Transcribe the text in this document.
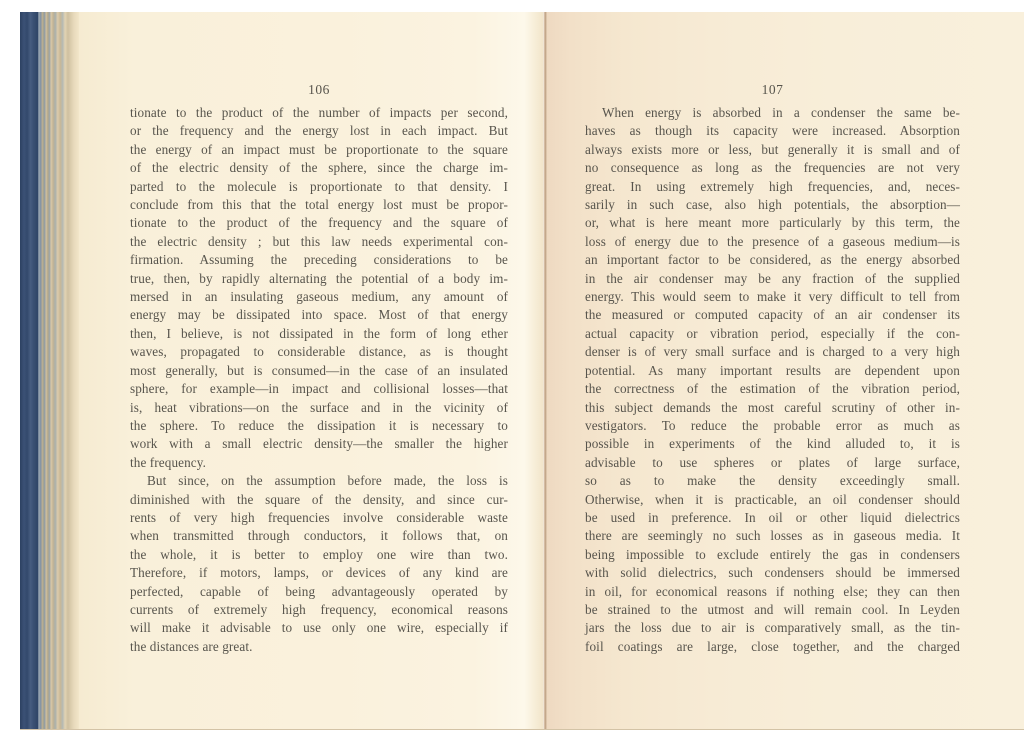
106
tionate to the product of the number of impacts per second,
or the frequency and the energy lost in each impact. But
the energy of an impact must be proportionate to the square
of the electric density of the sphere, since the charge im-
parted to the molecule is proportionate to that density. I
conclude from this that the total energy lost must be propor-
tionate to the product of the frequency and the square of
the electric density ; but this law needs experimental con-
firmation. Assuming the preceding considerations to be
true, then, by rapidly alternating the potential of a body im-
mersed in an insulating gaseous medium, any amount of
energy may be dissipated into space. Most of that energy
then, I believe, is not dissipated in the form of long ether
waves, propagated to considerable distance, as is thought
most generally, but is consumed—in the case of an insulated
sphere, for example—in impact and collisional losses—that
is, heat vibrations—on the surface and in the vicinity of
the sphere. To reduce the dissipation it is necessary to
work with a small electric density—the smaller the higher
the frequency.
But since, on the assumption before made, the loss is
diminished with the square of the density, and since cur-
rents of very high frequencies involve considerable waste
when transmitted through conductors, it follows that, on
the whole, it is better to employ one wire than two.
Therefore, if motors, lamps, or devices of any kind are
perfected, capable of being advantageously operated by
currents of extremely high frequency, economical reasons
will make it advisable to use only one wire, especially if
the distances are great.
107
When energy is absorbed in a condenser the same be-
haves as though its capacity were increased. Absorption
always exists more or less, but generally it is small and of
no consequence as long as the frequencies are not very
great. In using extremely high frequencies, and, neces-
sarily in such case, also high potentials, the absorption—
or, what is here meant more particularly by this term, the
loss of energy due to the presence of a gaseous medium—is
an important factor to be considered, as the energy absorbed
in the air condenser may be any fraction of the supplied
energy. This would seem to make it very difficult to tell from
the measured or computed capacity of an air condenser its
actual capacity or vibration period, especially if the con-
denser is of very small surface and is charged to a very high
potential. As many important results are dependent upon
the correctness of the estimation of the vibration period,
this subject demands the most careful scrutiny of other in-
vestigators. To reduce the probable error as much as
possible in experiments of the kind alluded to, it is
advisable to use spheres or plates of large surface,
so as to make the density exceedingly small.
Otherwise, when it is practicable, an oil condenser should
be used in preference. In oil or other liquid dielectrics
there are seemingly no such losses as in gaseous media. It
being impossible to exclude entirely the gas in condensers
with solid dielectrics, such condensers should be immersed
in oil, for economical reasons if nothing else; they can then
be strained to the utmost and will remain cool. In Leyden
jars the loss due to air is comparatively small, as the tin-
foil coatings are large, close together, and the charged
